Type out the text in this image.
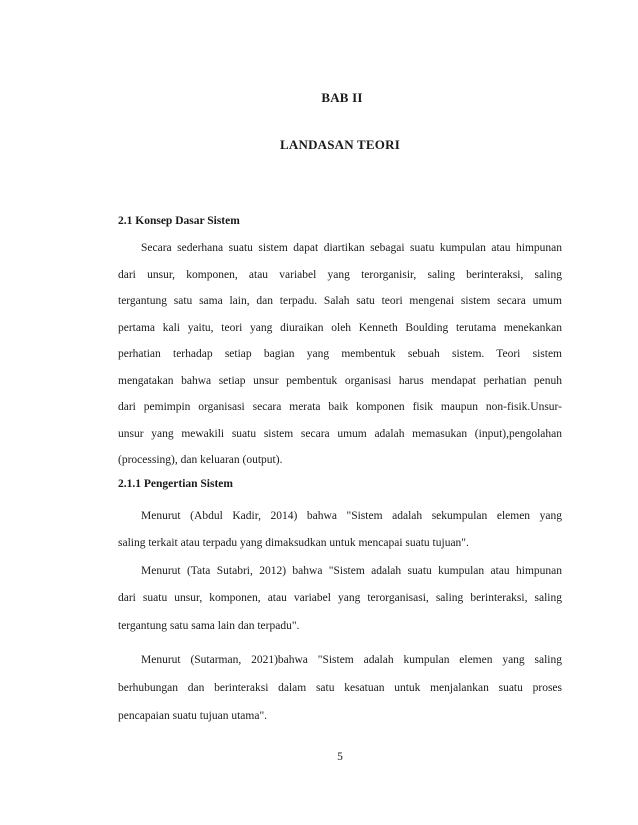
BAB II
LANDASAN TEORI
2.1 Konsep Dasar Sistem
Secara sederhana suatu sistem dapat diartikan sebagai suatu kumpulan atau himpunan
dari unsur, komponen, atau variabel yang terorganisir, saling berinteraksi, saling
tergantung satu sama lain, dan terpadu. Salah satu teori mengenai sistem secara umum
pertama kali yaitu, teori yang diuraikan oleh Kenneth Boulding terutama menekankan
perhatian terhadap setiap bagian yang membentuk sebuah sistem. Teori sistem
mengatakan bahwa setiap unsur pembentuk organisasi harus mendapat perhatian penuh
dari pemimpin organisasi secara merata baik komponen fisik maupun non-fisik.Unsur-
unsur yang mewakili suatu sistem secara umum adalah memasukan (input),pengolahan
(processing), dan keluaran (output).
2.1.1 Pengertian Sistem
Menurut (Abdul Kadir, 2014) bahwa "Sistem adalah sekumpulan elemen yang
saling terkait atau terpadu yang dimaksudkan untuk mencapai suatu tujuan".
Menurut (Tata Sutabri, 2012) bahwa "Sistem adalah suatu kumpulan atau himpunan
dari suatu unsur, komponen, atau variabel yang terorganisasi, saling berinteraksi, saling
tergantung satu sama lain dan terpadu".
Menurut (Sutarman, 2021)bahwa "Sistem adalah kumpulan elemen yang saling
berhubungan dan berinteraksi dalam satu kesatuan untuk menjalankan suatu proses
pencapaian suatu tujuan utama".
5
